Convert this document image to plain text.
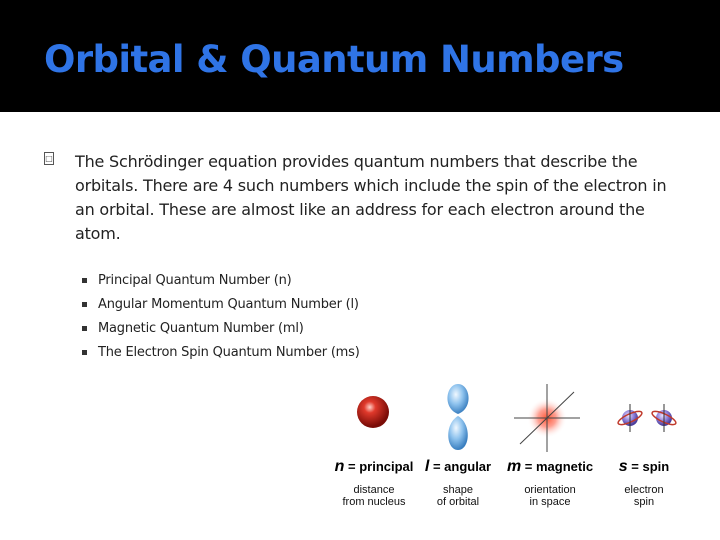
Orbital & Quantum Numbers
□ The Schrödinger equation provides quantum numbers that describe the orbitals. There are 4 such numbers which include the spin of the electron in an orbital. These are almost like an address for each electron around the atom.
Principal Quantum Number (n)
Angular Momentum Quantum Number (l)
Magnetic Quantum Number (ml)
The Electron Spin Quantum Number (ms)
n = principal
distance
from nucleus
l = angular
shape
of orbital
m = magnetic
orientation
in space
s = spin
electron
spin
